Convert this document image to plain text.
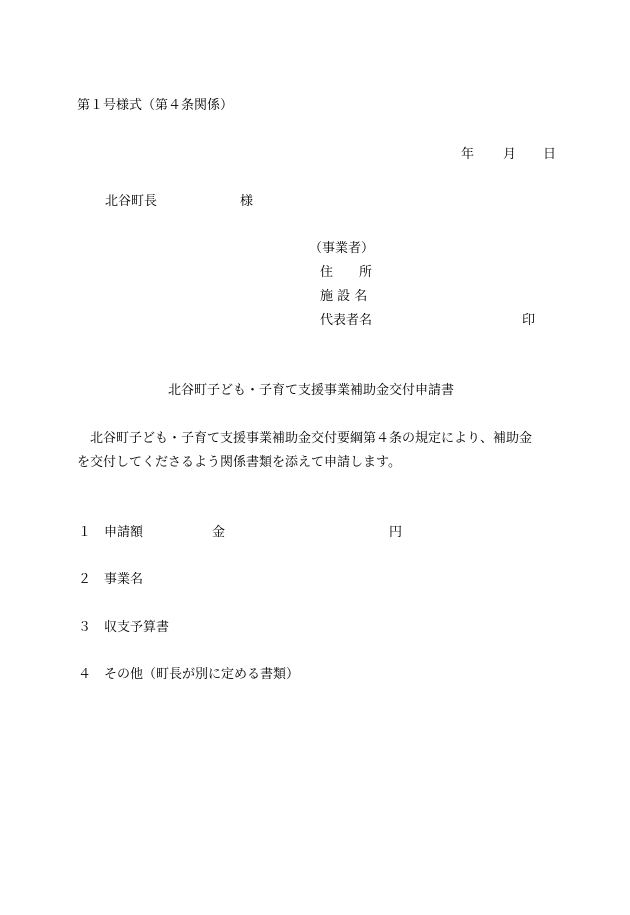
第１号様式（第４条関係）
年 月 日
北谷町長	様
（事業者）
住　　所
施 設 名
代表者名	印
北谷町子ども・子育て支援事業補助金交付申請書
北谷町子ども・子育て支援事業補助金交付要綱第４条の規定により、補助金
を交付してくださるよう関係書類を添えて申請します。
１ 申請額	金	円
２ 事業名
３ 収支予算書
４ その他（町長が別に定める書類）
